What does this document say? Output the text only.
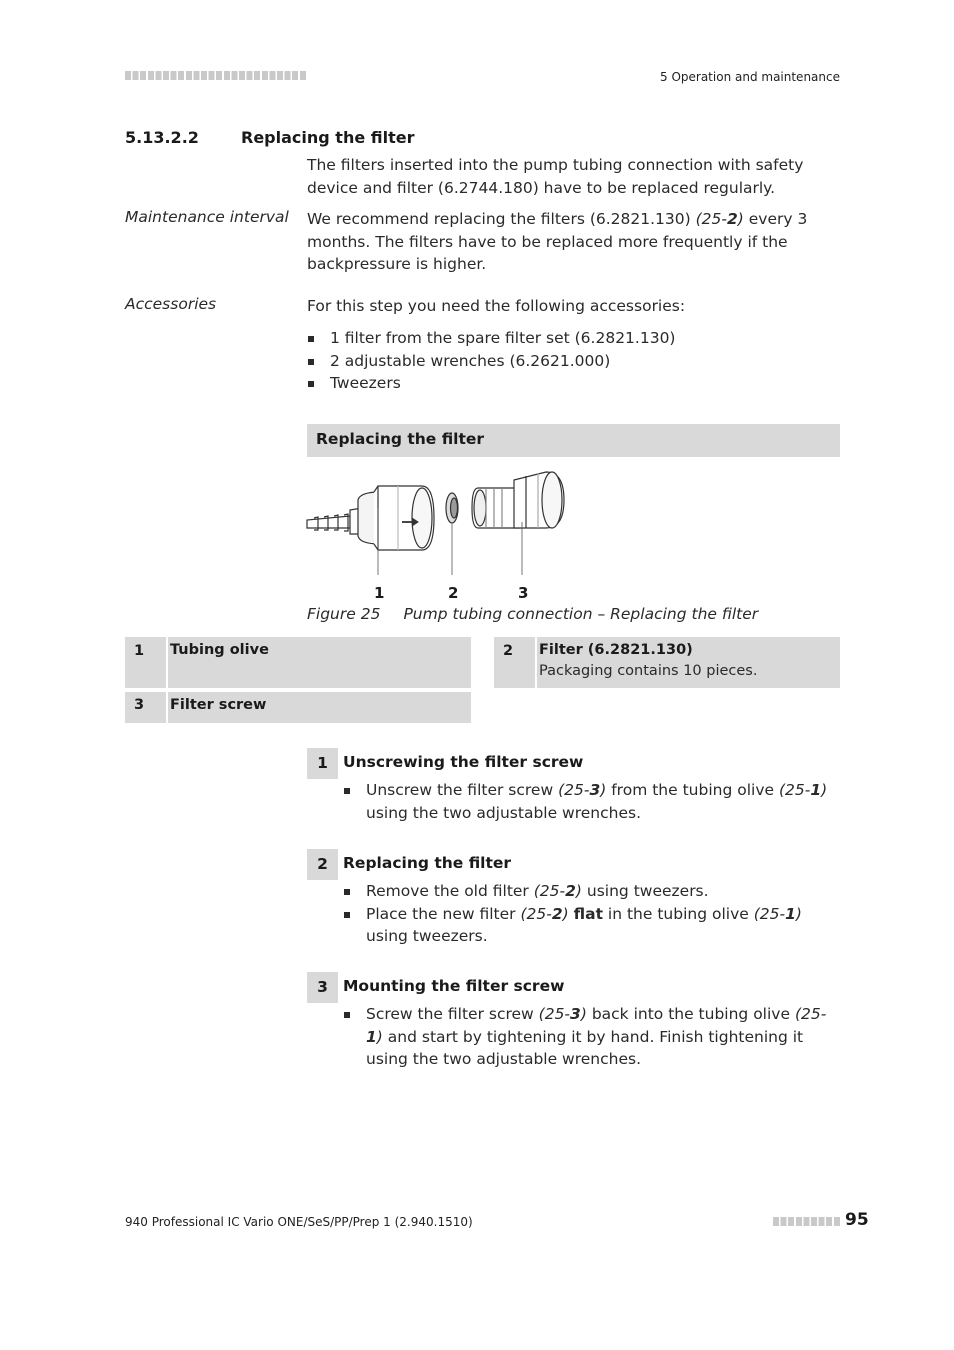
5 Operation and maintenance
5.13.2.2	Replacing the filter
The filters inserted into the pump tubing connection with safety device and filter (6.2744.180) have to be replaced regularly.
Maintenance interval We recommend replacing the filters (6.2821.130) (25-2) every 3 months. The filters have to be replaced more frequently if the backpressure is higher.
Accessories	For this step you need the following accessories:
1 filter from the spare filter set (6.2821.130)
2 adjustable wrenches (6.2621.000)
Tweezers
Replacing the filter
1	2	3
Figure 25 Pump tubing connection – Replacing the filter
1 Tubing olive	2 Filter (6.2821.130)
Packaging contains 10 pieces.
3 Filter screw
1 Unscrewing the filter screw
Unscrew the filter screw (25-3) from the tubing olive (25-1) using the two adjustable wrenches.
2 Replacing the filter
Remove the old filter (25-2) using tweezers.
Place the new filter (25-2) flat in the tubing olive (25-1) using tweezers.
3 Mounting the filter screw
Screw the filter screw (25-3) back into the tubing olive (25-1) and start by tightening it by hand. Finish tightening it using the two adjustable wrenches.
940 Professional IC Vario ONE/SeS/PP/Prep 1 (2.940.1510)	95
